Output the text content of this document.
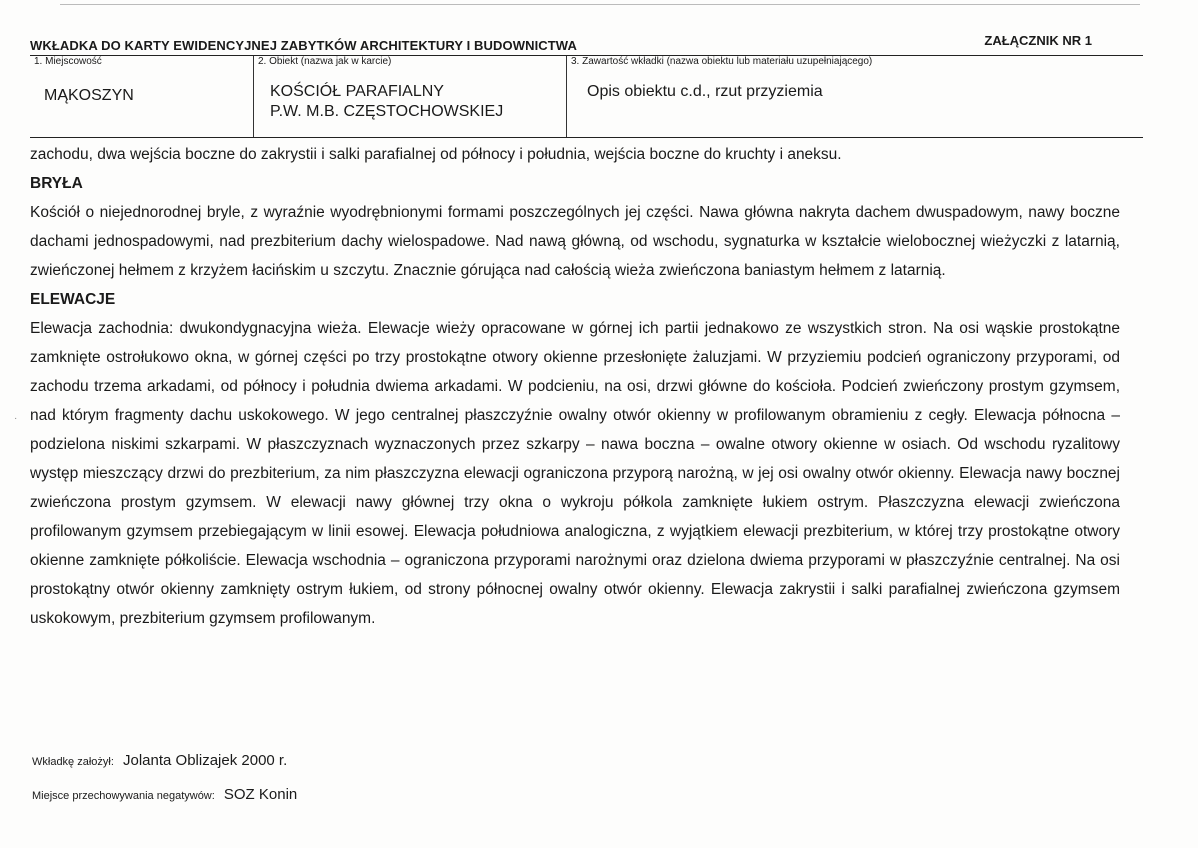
WKŁADKA DO KARTY EWIDENCYJNEJ ZABYTKÓW ARCHITEKTURY I BUDOWNICTWA	ZAŁĄCZNIK NR 1
1. Miejscowość
MĄKOSZYN
2. Obiekt (nazwa jak w karcie)
KOŚCIÓŁ PARAFIALNY
P.W. M.B. CZĘSTOCHOWSKIEJ
3. Zawartość wkładki (nazwa obiektu lub materiału uzupełniającego)
Opis obiektu c.d., rzut przyziemia
·

zachodu, dwa wejścia boczne do zakrystii i salki parafialnej od północy i południa, wejścia boczne do kruchty i aneksu.

BRYŁA

Kościół o niejednorodnej bryle, z wyraźnie wyodrębnionymi formami poszczególnych jej części. Nawa główna nakryta dachem dwuspadowym, nawy boczne dachami jednospadowymi, nad prezbiterium dachy wielospadowe. Nad nawą główną, od wschodu, sygnaturka w kształcie wielobocznej wieżyczki z latarnią, zwieńczonej hełmem z krzyżem łacińskim u szczytu. Znacznie górująca nad całością wieża zwieńczona baniastym hełmem z latarnią.

ELEWACJE

Elewacja zachodnia: dwukondygnacyjna wieża. Elewacje wieży opracowane w górnej ich partii jednakowo ze wszystkich stron. Na osi wąskie prostokątne zamknięte ostrołukowo okna, w górnej części po trzy prostokątne otwory okienne przesłonięte żaluzjami. W przyziemiu podcień ograniczony przyporami, od zachodu trzema arkadami, od północy i południa dwiema arkadami. W podcieniu, na osi, drzwi główne do kościoła. Podcień zwieńczony prostym gzymsem, nad którym fragmenty dachu uskokowego. W jego centralnej płaszczyźnie owalny otwór okienny w profilowanym obramieniu z cegły. Elewacja północna – podzielona niskimi szkarpami. W płaszczyznach wyznaczonych przez szkarpy – nawa boczna – owalne otwory okienne w osiach. Od wschodu ryzalitowy występ mieszczący drzwi do prezbiterium, za nim płaszczyzna elewacji ograniczona przyporą narożną, w jej osi owalny otwór okienny. Elewacja nawy bocznej zwieńczona prostym gzymsem. W elewacji nawy głównej trzy okna o wykroju półkola zamknięte łukiem ostrym. Płaszczyzna elewacji zwieńczona profilowanym gzymsem przebiegającym w linii esowej. Elewacja południowa analogiczna, z wyjątkiem elewacji prezbiterium, w której trzy prostokątne otwory okienne zamknięte półkoliście. Elewacja wschodnia – ograniczona przyporami narożnymi oraz dzielona dwiema przyporami w płaszczyźnie centralnej. Na osi prostokątny otwór okienny zamknięty ostrym łukiem, od strony północnej owalny otwór okienny. Elewacja zakrystii i salki parafialnej zwieńczona gzymsem uskokowym, prezbiterium gzymsem profilowanym.

Wkładkę założył: Jolanta Oblizajek 2000 r.
Miejsce przechowywania negatywów: SOZ Konin
